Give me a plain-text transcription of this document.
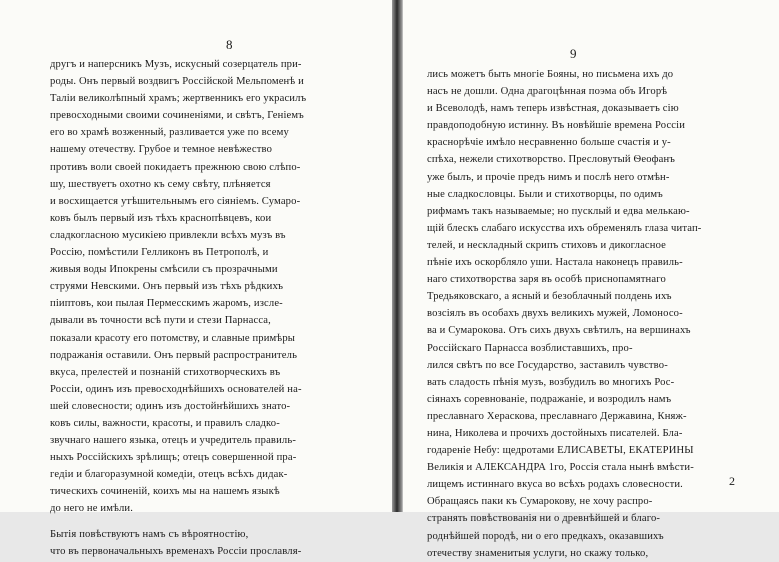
8
другъ и наперсникъ Музъ, искусный созерцатель при-
роды. Онъ первый воздвигъ Россійской Мельпоменѣ и
Таліи великолѣпный храмъ; жертвенникъ его украсилъ
превосходными своими сочиненіями, и свѣтъ, Геніемъ
его во храмѣ возженный, разливается уже по всему
нашему отечеству. Грубое и темное невѣжество
противъ воли своей покидаетъ прежнюю свою слѣпо-
шу, шествуетъ охотно къ сему свѣту, плѣняется
и восхищается утѣшительнымъ его сіяніемъ. Сумаро-
ковъ былъ первый изъ тѣхъ краснопѣвцевъ, кои
сладкогласною мусикіею привлекли всѣхъ музъ въ
Россію, помѣстили Гелликонъ въ Петрополѣ, и
живыя воды Ипокрены смѣсили съ прозрачными
струями Невскими. Онъ первый изъ тѣхъ рѣдкихъ
піиптовъ, кои пылая Пермесскимъ жаромъ, изсле-
дывали въ точности всѣ пути и стези Парнасса,
показали красоту его потомству, и славные примѣры
подражанія оставили. Онъ первый распространитель
вкуса, прелестей и познаній стихотворческихъ въ
Россіи, одинъ изъ превосходнѣйшихъ основателей на-
шей словесности; одинъ изъ достойнѣйшихъ знато-
ковъ силы, важности, красоты, и правилъ сладко-
звучнаго нашего языка, отецъ и учредитель правиль-
ныхъ Россійскихъ зрѣлищъ; отецъ совершенной пра-
гедіи и благоразумной комедіи, отецъ всѣхъ дидак-
тическихъ сочиненій, коихъ мы на нашемъ языкѣ
до него не имѣли.
Бытія повѣствуютъ намъ съ вѣроятностію,
что въ первоначальныхъ временахъ Россіи прославля-
9
лись можетъ быть многіе Бояны, но письмена ихъ до
насъ не дошли. Одна драгоцѣнная поэма объ Игорѣ
и Всеволодѣ, намъ теперь извѣстная, доказываетъ сію
правдоподобную истинну. Въ новѣйшіе времена Россіи
краснорѣчіе имѣло несравненно больше счастія и у-
спѣха, нежели стихотворство. Пресловутый Ѳеофанъ
уже былъ, и прочіе предъ нимъ и послѣ него отмѣн-
ные сладкословцы. Были и стихотворцы, по одимъ
рифмамъ такъ называемые; но пусклый и едва мелькаю-
щій блескъ слабаго искусства ихъ обременялъ глаза читап-
телей, и нескладный скрипъ стиховъ и дикогласное
пѣніе ихъ оскорбляло уши. Настала наконецъ правиль-
наго стихотворства заря въ особѣ приснопамятнаго
Тредьяковскаго, а ясный и безоблачный полдень ихъ
возсіялъ въ особахъ двухъ великихъ мужей, Ломоносо-
ва и Сумарокова. Отъ сихъ двухъ свѣтилъ, на вершинахъ
Россійскаго Парнасса возблиставшихъ, про-
лился свѣтъ по все Государство, заставилъ чувство-
вать сладость пѣнія музъ, возбудилъ во многихъ Рос-
сіянахъ соревнованіе, подражаніе, и возродилъ намъ
преславнаго Хераскова, преславнаго Державина, Княж-
нина, Николева и прочихъ достойныхъ писателей. Бла-
годареніе Небу: щедротами ЕЛИСАВЕТЫ, ЕКАТЕРИНЫ
Великія и АЛЕКСАНДРА 1го, Россія стала нынѣ вмѣсти-
лищемъ истиннаго вкуса во всѣхъ родахъ словесности.
Обращаясь паки къ Сумарокову, не хочу распро-
странять повѣствованія ни о древнѣйшей и благо-
роднѣйшей породѣ, ни о его предкахъ, оказавшихъ
отечеству знаменитыя услуги, но скажу только,
2
